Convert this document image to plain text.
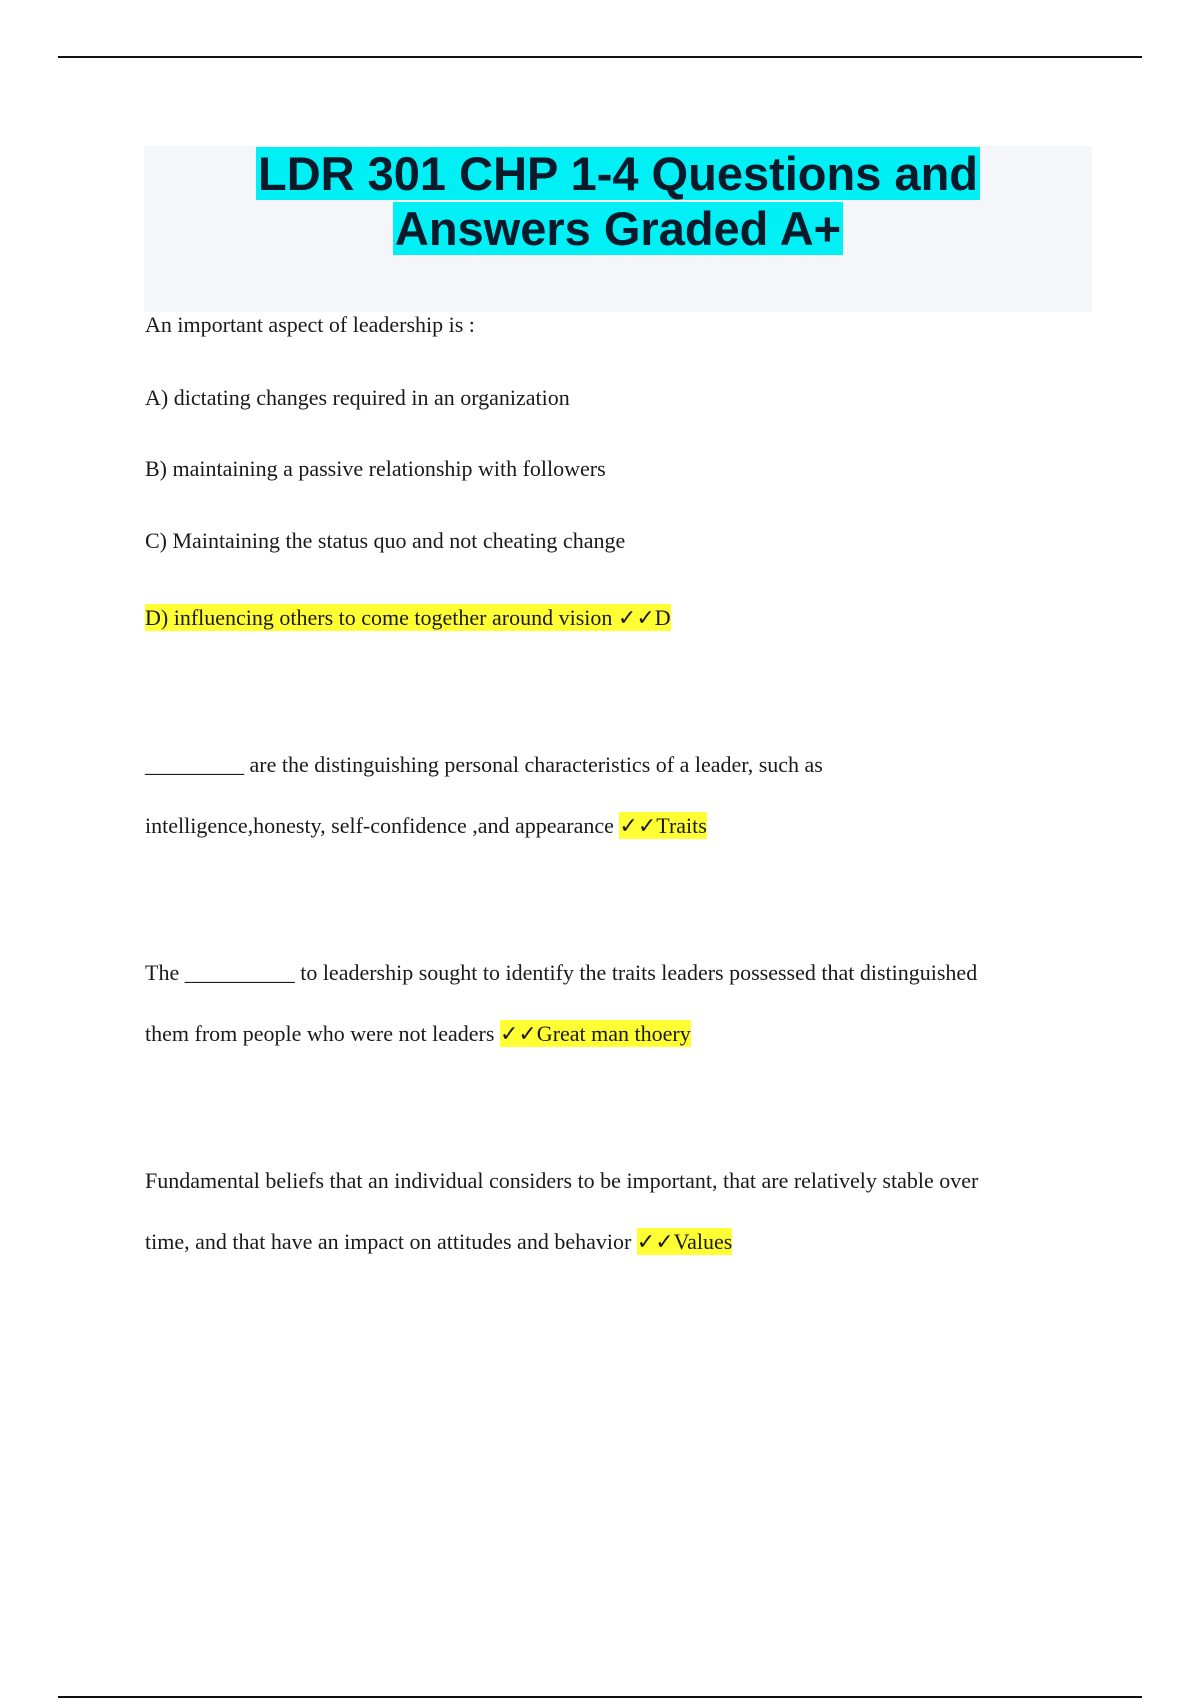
LDR 301 CHP 1-4 Questions and
Answers Graded A+
An important aspect of leadership is :
A) dictating changes required in an organization
B) maintaining a passive relationship with followers
C) Maintaining the status quo and not cheating change
D) influencing others to come together around vision ✓✓D
_________ are the distinguishing personal characteristics of a leader, such as
intelligence,honesty, self-confidence ,and appearance ✓✓Traits
The __________ to leadership sought to identify the traits leaders possessed that distinguished
them from people who were not leaders ✓✓Great man thoery
Fundamental beliefs that an individual considers to be important, that are relatively stable over
time, and that have an impact on attitudes and behavior ✓✓Values
